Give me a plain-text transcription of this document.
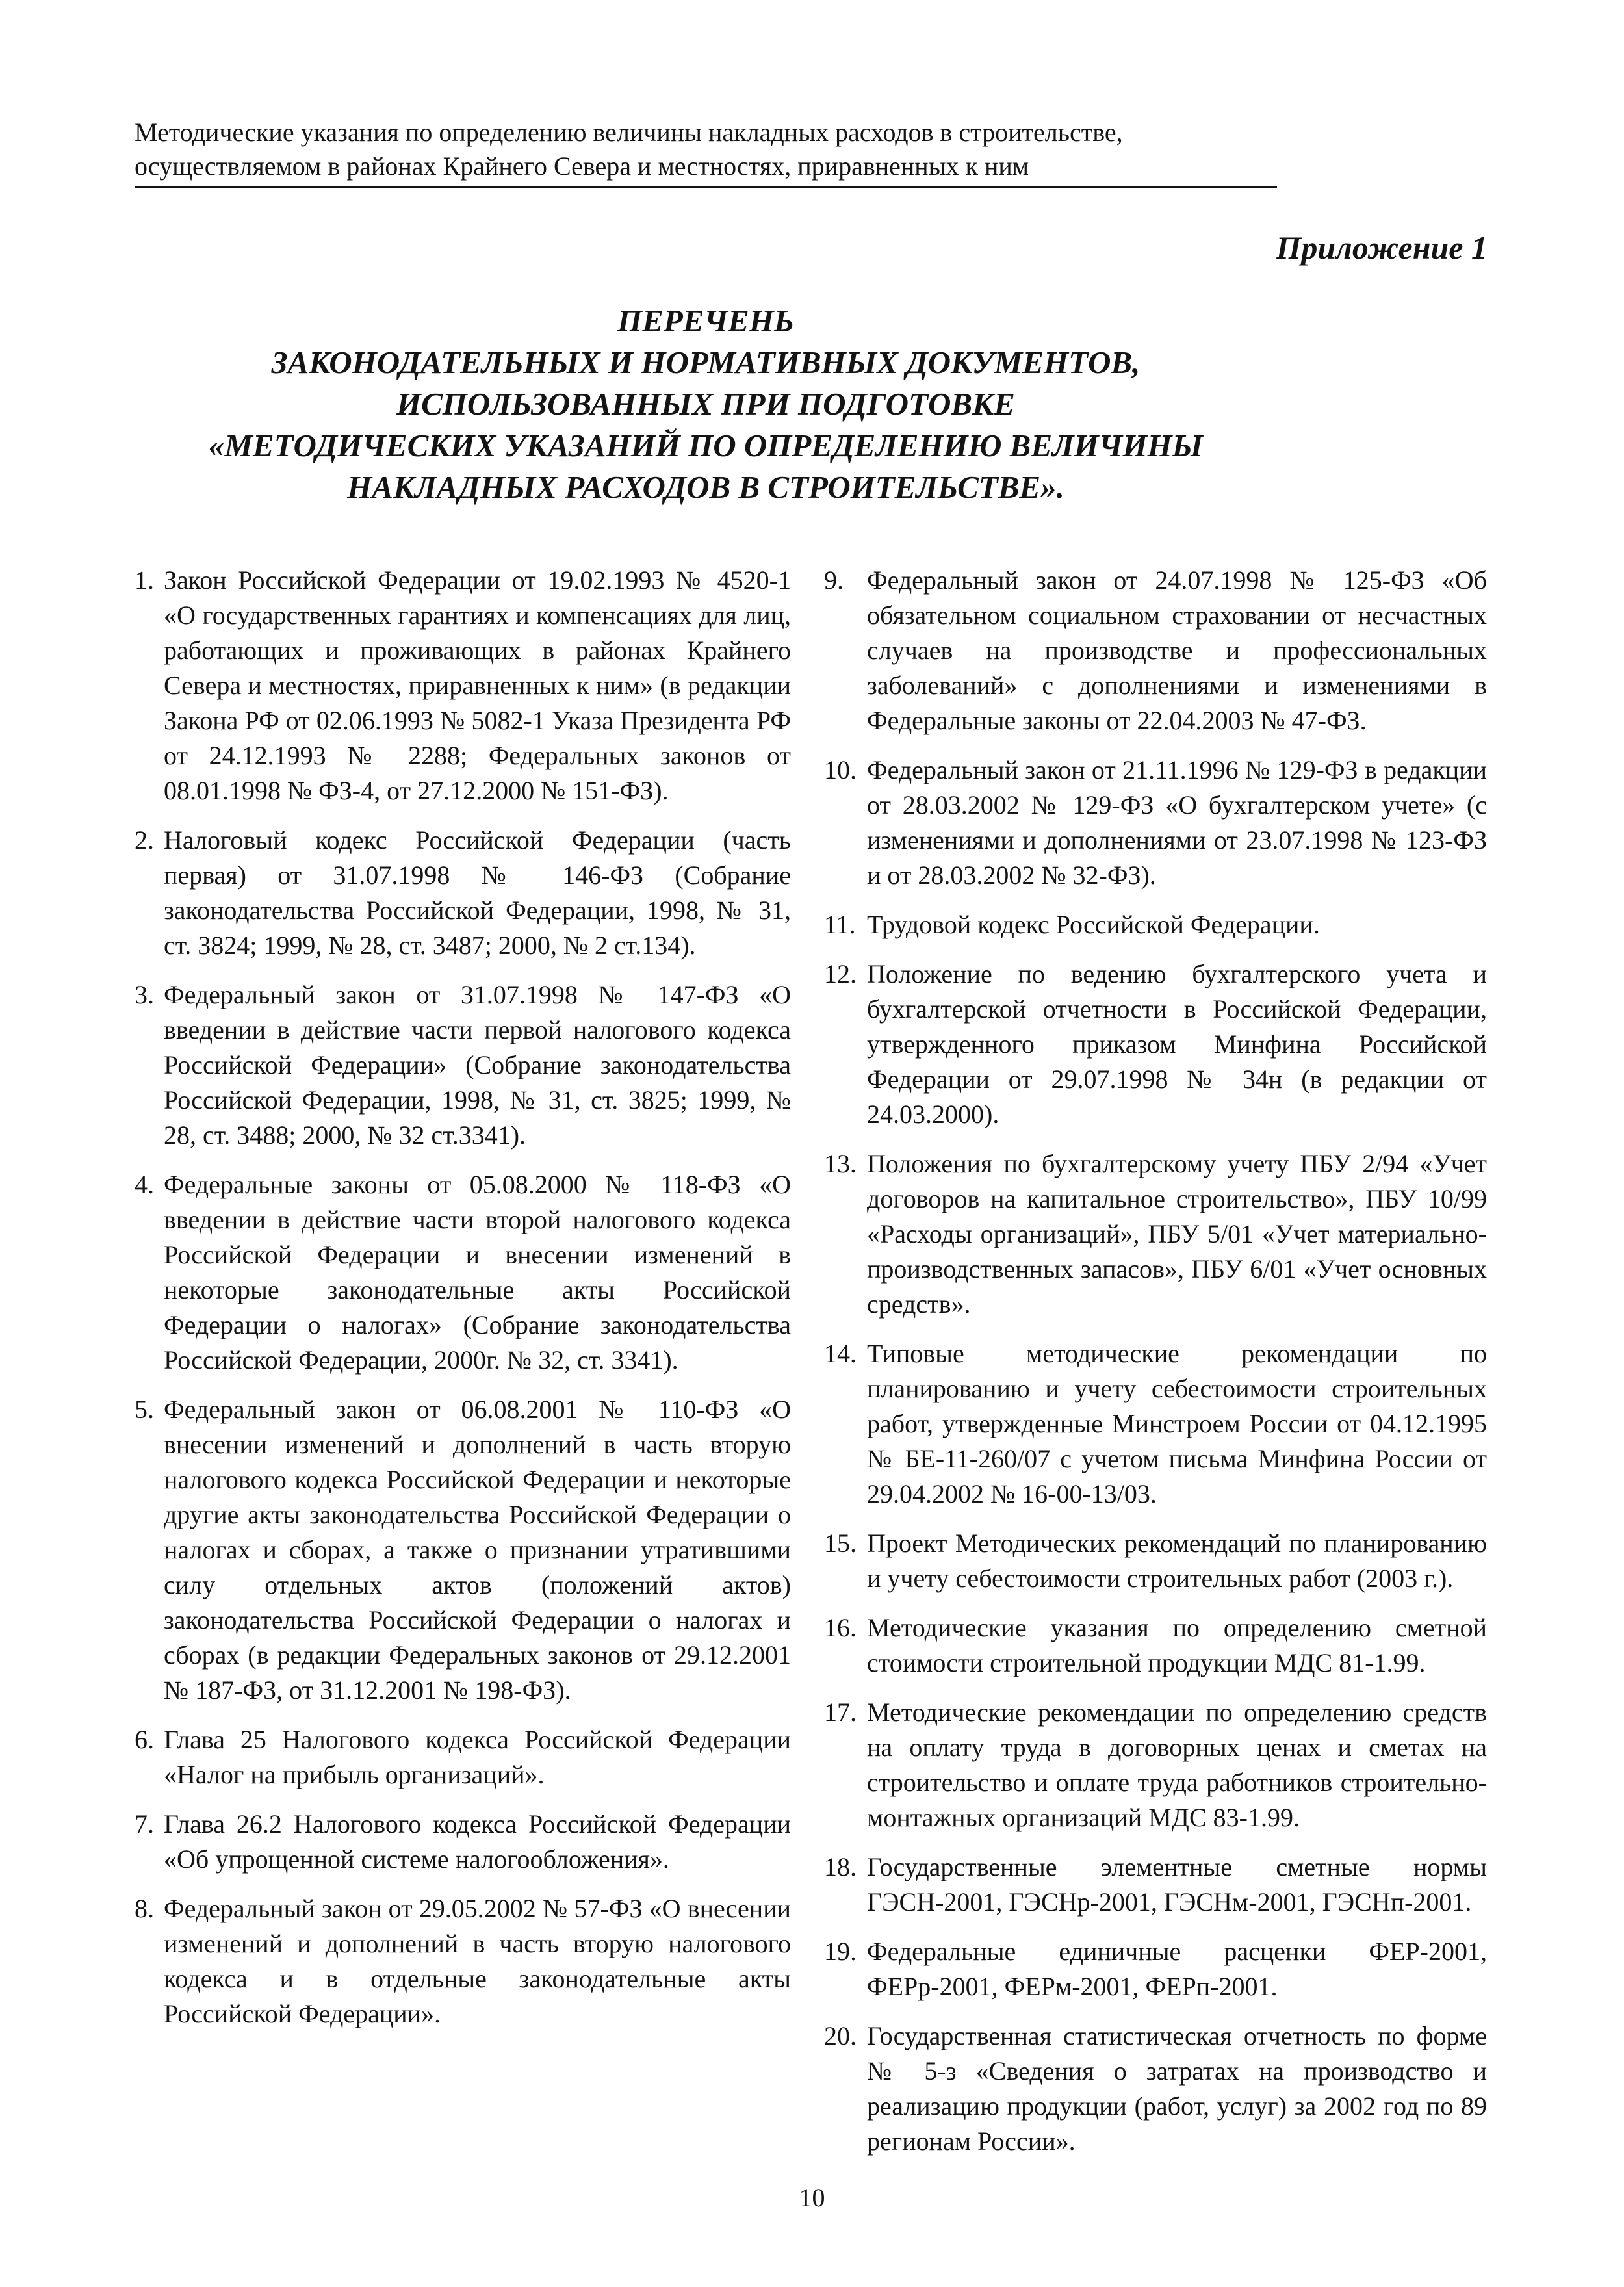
Методические указания по определению величины накладных расходов в строительстве,
осуществляемом в районах Крайнего Севера и местностях, приравненных к ним
Приложение 1
ПЕРЕЧЕНЬ
ЗАКОНОДАТЕЛЬНЫХ И НОРМАТИВНЫХ ДОКУМЕНТОВ,
ИСПОЛЬЗОВАННЫХ ПРИ ПОДГОТОВКЕ
«МЕТОДИЧЕСКИХ УКАЗАНИЙ ПО ОПРЕДЕЛЕНИЮ ВЕЛИЧИНЫ
НАКЛАДНЫХ РАСХОДОВ В СТРОИТЕЛЬСТВЕ».
1. Закон Российской Федерации от 19.02.1993 № 4520-1 «О государственных гарантиях и компенсациях для лиц, работающих и проживающих в районах Крайнего Севера и местностях, приравненных к ним» (в редакции Закона РФ от 02.06.1993 № 5082-1 Указа Президента РФ от 24.12.1993 № 2288; Федеральных законов от 08.01.1998 № ФЗ-4, от 27.12.2000 № 151-ФЗ).
2. Налоговый кодекс Российской Федерации (часть первая) от 31.07.1998 № 146-ФЗ (Собрание законодательства Российской Федерации, 1998, № 31, ст. 3824; 1999, № 28, ст. 3487; 2000, № 2 ст.134).
3. Федеральный закон от 31.07.1998 № 147-ФЗ «О введении в действие части первой налогового кодекса Российской Федерации» (Собрание законодательства Российской Федерации, 1998, № 31, ст. 3825; 1999, № 28, ст. 3488; 2000, № 32 ст.3341).
4. Федеральные законы от 05.08.2000 № 118-ФЗ «О введении в действие части второй налогового кодекса Российской Федерации и внесении изменений в некоторые законодательные акты Российской Федерации о налогах» (Собрание законодательства Российской Федерации, 2000г. № 32, ст. 3341).
5. Федеральный закон от 06.08.2001 № 110-ФЗ «О внесении изменений и дополнений в часть вторую налогового кодекса Российской Федерации и некоторые другие акты законодательства Российской Федерации о налогах и сборах, а также о признании утратившими силу отдельных актов (положений актов) законодательства Российской Федерации о налогах и сборах (в редакции Федеральных законов от 29.12.2001 № 187-ФЗ, от 31.12.2001 № 198-ФЗ).
6. Глава 25 Налогового кодекса Российской Федерации «Налог на прибыль организаций».
7. Глава 26.2 Налогового кодекса Российской Федерации «Об упрощенной системе налогообложения».
8. Федеральный закон от 29.05.2002 № 57-ФЗ «О внесении изменений и дополнений в часть вторую налогового кодекса и в отдельные законодательные акты Российской Федерации».
9. Федеральный закон от 24.07.1998 № 125-ФЗ «Об обязательном социальном страховании от несчастных случаев на производстве и профессиональных заболеваний» с дополнениями и изменениями в Федеральные законы от 22.04.2003 № 47-ФЗ.
10. Федеральный закон от 21.11.1996 № 129-ФЗ в редакции от 28.03.2002 № 129-ФЗ «О бухгалтерском учете» (с изменениями и дополнениями от 23.07.1998 № 123-ФЗ и от 28.03.2002 № 32-ФЗ).
11. Трудовой кодекс Российской Федерации.
12. Положение по ведению бухгалтерского учета и бухгалтерской отчетности в Российской Федерации, утвержденного приказом Минфина Российской Федерации от 29.07.1998 № 34н (в редакции от 24.03.2000).
13. Положения по бухгалтерскому учету ПБУ 2/94 «Учет договоров на капитальное строительство», ПБУ 10/99 «Расходы организаций», ПБУ 5/01 «Учет материально-производственных запасов», ПБУ 6/01 «Учет основных средств».
14. Типовые методические рекомендации по планированию и учету себестоимости строительных работ, утвержденные Минстроем России от 04.12.1995 № БЕ-11-260/07 с учетом письма Минфина России от 29.04.2002 № 16-00-13/03.
15. Проект Методических рекомендаций по планированию и учету себестоимости строительных работ (2003 г.).
16. Методические указания по определению сметной стоимости строительной продукции МДС 81-1.99.
17. Методические рекомендации по определению средств на оплату труда в договорных ценах и сметах на строительство и оплате труда работников строительно-монтажных организаций МДС 83-1.99.
18. Государственные элементные сметные нормы ГЭСН-2001, ГЭСНр-2001, ГЭСНм-2001, ГЭСНп-2001.
19. Федеральные единичные расценки ФЕР-2001, ФЕРр-2001, ФЕРм-2001, ФЕРп-2001.
20. Государственная статистическая отчетность по форме № 5-з «Сведения о затратах на производство и реализацию продукции (работ, услуг) за 2002 год по 89 регионам России».
10
